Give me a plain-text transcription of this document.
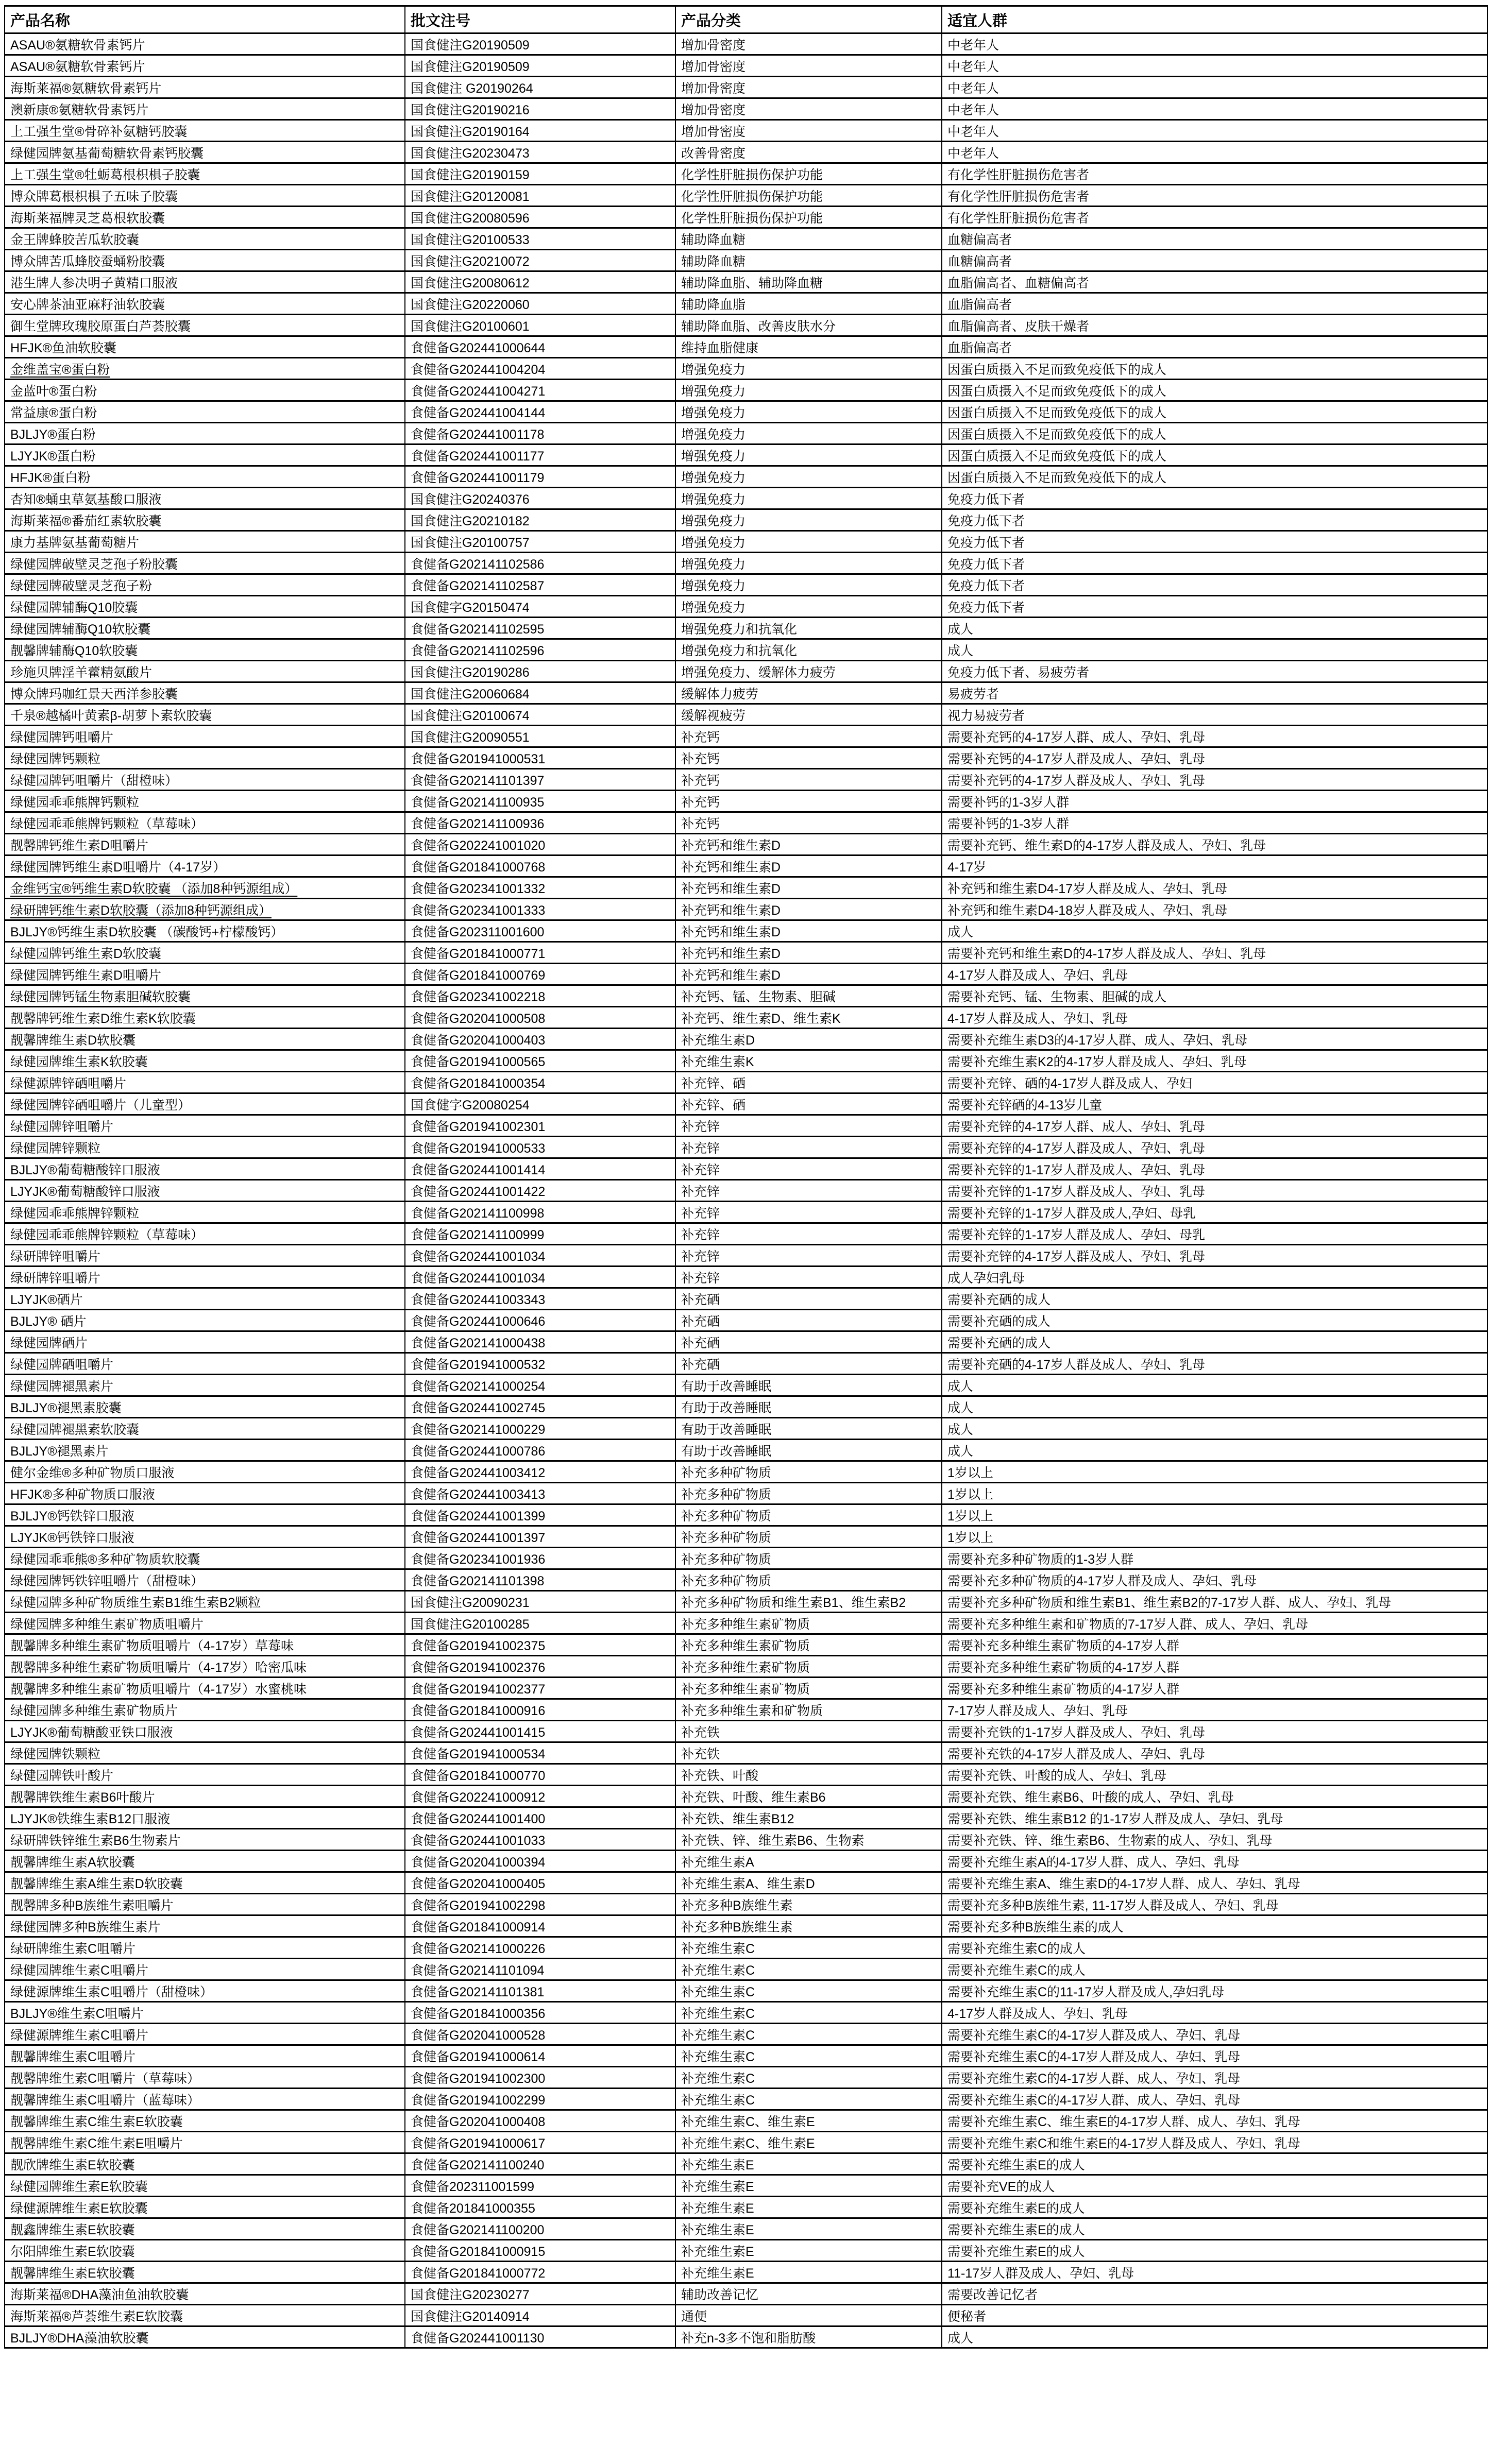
产品名称	批文注号	产品分类	适宜人群
ASAU®氨糖软骨素钙片	国食健注G20190509	增加骨密度	中老年人
ASAU®氨糖软骨素钙片	国食健注G20190509	增加骨密度	中老年人
海斯莱福®氨糖软骨素钙片	国食健注 G20190264	增加骨密度	中老年人
澳新康®氨糖软骨素钙片	国食健注G20190216	增加骨密度	中老年人
上工强生堂®骨碎补氨糖钙胶囊	国食健注G20190164	增加骨密度	中老年人
绿健园牌氨基葡萄糖软骨素钙胶囊	国食健注G20230473	改善骨密度	中老年人
上工强生堂®牡蛎葛根枳椇子胶囊	国食健注G20190159	化学性肝脏损伤保护功能	有化学性肝脏损伤危害者
博众牌葛根枳椇子五味子胶囊	国食健注G20120081	化学性肝脏损伤保护功能	有化学性肝脏损伤危害者
海斯莱福牌灵芝葛根软胶囊	国食健注G20080596	化学性肝脏损伤保护功能	有化学性肝脏损伤危害者
金王牌蜂胶苦瓜软胶囊	国食健注G20100533	辅助降血糖	血糖偏高者
博众牌苦瓜蜂胶蚕蛹粉胶囊	国食健注G20210072	辅助降血糖	血糖偏高者
港生牌人参决明子黄精口服液	国食健注G20080612	辅助降血脂、辅助降血糖	血脂偏高者、血糖偏高者
安心牌茶油亚麻籽油软胶囊	国食健注G20220060	辅助降血脂	血脂偏高者
御生堂牌玫瑰胶原蛋白芦荟胶囊	国食健注G20100601	辅助降血脂、改善皮肤水分	血脂偏高者、皮肤干燥者
HFJK®鱼油软胶囊	食健备G202441000644	维持血脂健康	血脂偏高者
金维盖宝®蛋白粉	食健备G202441004204	增强免疫力	因蛋白质摄入不足而致免疫低下的成人
金蓝叶®蛋白粉	食健备G202441004271	增强免疫力	因蛋白质摄入不足而致免疫低下的成人
常益康®蛋白粉	食健备G202441004144	增强免疫力	因蛋白质摄入不足而致免疫低下的成人
BJLJY®蛋白粉	食健备G202441001178	增强免疫力	因蛋白质摄入不足而致免疫低下的成人
LJYJK®蛋白粉	食健备G202441001177	增强免疫力	因蛋白质摄入不足而致免疫低下的成人
HFJK®蛋白粉	食健备G202441001179	增强免疫力	因蛋白质摄入不足而致免疫低下的成人
杏知®蛹虫草氨基酸口服液	国食健注G20240376	增强免疫力	免疫力低下者
海斯莱福®番茄红素软胶囊	国食健注G20210182	增强免疫力	免疫力低下者
康力基牌氨基葡萄糖片	国食健注G20100757	增强免疫力	免疫力低下者
绿健园牌破壁灵芝孢子粉胶囊	食健备G202141102586	增强免疫力	免疫力低下者
绿健园牌破壁灵芝孢子粉	食健备G202141102587	增强免疫力	免疫力低下者
绿健园牌辅酶Q10胶囊	国食健字G20150474	增强免疫力	免疫力低下者
绿健园牌辅酶Q10软胶囊	食健备G202141102595	增强免疫力和抗氧化	成人
靓馨牌辅酶Q10软胶囊	食健备G202141102596	增强免疫力和抗氧化	成人
珍施贝牌淫羊藿精氨酸片	国食健注G20190286	增强免疫力、缓解体力疲劳	免疫力低下者、易疲劳者
博众牌玛咖红景天西洋参胶囊	国食健注G20060684	缓解体力疲劳	易疲劳者
千泉®越橘叶黄素β-胡萝卜素软胶囊	国食健注G20100674	缓解视疲劳	视力易疲劳者
绿健园牌钙咀嚼片	国食健注G20090551	补充钙	需要补充钙的4-17岁人群、成人、孕妇、乳母
绿健园牌钙颗粒	食健备G201941000531	补充钙	需要补充钙的4-17岁人群及成人、孕妇、乳母
绿健园牌钙咀嚼片（甜橙味）	食健备G202141101397	补充钙	需要补充钙的4-17岁人群及成人、孕妇、乳母
绿健园乖乖熊牌钙颗粒	食健备G202141100935	补充钙	需要补钙的1-3岁人群
绿健园乖乖熊牌钙颗粒（草莓味）	食健备G202141100936	补充钙	需要补钙的1-3岁人群
靓馨牌钙维生素D咀嚼片	食健备G202241001020	补充钙和维生素D	需要补充钙、维生素D的4-17岁人群及成人、孕妇、乳母
绿健园牌钙维生素D咀嚼片（4-17岁）	食健备G201841000768	补充钙和维生素D	4-17岁
金维钙宝®钙维生素D软胶囊 （添加8种钙源组成）	食健备G202341001332	补充钙和维生素D	补充钙和维生素D4-17岁人群及成人、孕妇、乳母
绿研牌钙维生素D软胶囊（添加8种钙源组成）	食健备G202341001333	补充钙和维生素D	补充钙和维生素D4-18岁人群及成人、孕妇、乳母
BJLJY®钙维生素D软胶囊 （碳酸钙+柠檬酸钙）	食健备G202311001600	补充钙和维生素D	成人
绿健园牌钙维生素D软胶囊	食健备G201841000771	补充钙和维生素D	需要补充钙和维生素D的4-17岁人群及成人、孕妇、乳母
绿健园牌钙维生素D咀嚼片	食健备G201841000769	补充钙和维生素D	4-17岁人群及成人、孕妇、乳母
绿健园牌钙锰生物素胆碱软胶囊	食健备G202341002218	补充钙、锰、生物素、胆碱	需要补充钙、锰、生物素、胆碱的成人
靓馨牌钙维生素D维生素K软胶囊	食健备G202041000508	补充钙、维生素D、维生素K	4-17岁人群及成人、孕妇、乳母
靓馨牌维生素D软胶囊	食健备G202041000403	补充维生素D	需要补充维生素D3的4-17岁人群、成人、孕妇、乳母
绿健园牌维生素K软胶囊	食健备G201941000565	补充维生素K	需要补充维生素K2的4-17岁人群及成人、孕妇、乳母
绿健源牌锌硒咀嚼片	食健备G201841000354	补充锌、硒	需要补充锌、硒的4-17岁人群及成人、孕妇
绿健园牌锌硒咀嚼片（儿童型）	国食健字G20080254	补充锌、硒	需要补充锌硒的4-13岁儿童
绿健园牌锌咀嚼片	食健备G201941002301	补充锌	需要补充锌的4-17岁人群、成人、孕妇、乳母
绿健园牌锌颗粒	食健备G201941000533	补充锌	需要补充锌的4-17岁人群及成人、孕妇、乳母
BJLJY®葡萄糖酸锌口服液	食健备G202441001414	补充锌	需要补充锌的1-17岁人群及成人、孕妇、乳母
LJYJK®葡萄糖酸锌口服液	食健备G202441001422	补充锌	需要补充锌的1-17岁人群及成人、孕妇、乳母
绿健园乖乖熊牌锌颗粒	食健备G202141100998	补充锌	需要补充锌的1-17岁人群及成人,孕妇、母乳
绿健园乖乖熊牌锌颗粒（草莓味）	食健备G202141100999	补充锌	需要补充锌的1-17岁人群及成人、孕妇、母乳
绿研牌锌咀嚼片	食健备G202441001034	补充锌	需要补充锌的4-17岁人群及成人、孕妇、乳母
绿研牌锌咀嚼片	食健备G202441001034	补充锌	成人孕妇乳母
LJYJK®硒片	食健备G202441003343	补充硒	需要补充硒的成人
BJLJY® 硒片	食健备G202441000646	补充硒	需要补充硒的成人
绿健园牌硒片	食健备G202141000438	补充硒	需要补充硒的成人
绿健园牌硒咀嚼片	食健备G201941000532	补充硒	需要补充硒的4-17岁人群及成人、孕妇、乳母
绿健园牌褪黑素片	食健备G202141000254	有助于改善睡眠	成人
BJLJY®褪黑素胶囊	食健备G202441002745	有助于改善睡眠	成人
绿健园牌褪黑素软胶囊	食健备G202141000229	有助于改善睡眠	成人
BJLJY®褪黑素片	食健备G202441000786	有助于改善睡眠	成人
健尔金维®多种矿物质口服液	食健备G202441003412	补充多种矿物质	1岁以上
HFJK®多种矿物质口服液	食健备G202441003413	补充多种矿物质	1岁以上
BJLJY®钙铁锌口服液	食健备G202441001399	补充多种矿物质	1岁以上
LJYJK®钙铁锌口服液	食健备G202441001397	补充多种矿物质	1岁以上
绿健园乖乖熊®多种矿物质软胶囊	食健备G202341001936	补充多种矿物质	需要补充多种矿物质的1-3岁人群
绿健园牌钙铁锌咀嚼片（甜橙味）	食健备G202141101398	补充多种矿物质	需要补充多种矿物质的4-17岁人群及成人、孕妇、乳母
绿健园牌多种矿物质维生素B1维生素B2颗粒	国食健注G20090231	补充多种矿物质和维生素B1、维生素B2	需要补充多种矿物质和维生素B1、维生素B2的7-17岁人群、成人、孕妇、乳母
绿健园牌多种维生素矿物质咀嚼片	国食健注G20100285	补充多种维生素矿物质	需要补充多种维生素和矿物质的7-17岁人群、成人、孕妇、乳母
靓馨牌多种维生素矿物质咀嚼片（4-17岁）草莓味	食健备G201941002375	补充多种维生素矿物质	需要补充多种维生素矿物质的4-17岁人群
靓馨牌多种维生素矿物质咀嚼片（4-17岁）哈密瓜味	食健备G201941002376	补充多种维生素矿物质	需要补充多种维生素矿物质的4-17岁人群
靓馨牌多种维生素矿物质咀嚼片（4-17岁）水蜜桃味	食健备G201941002377	补充多种维生素矿物质	需要补充多种维生素矿物质的4-17岁人群
绿健园牌多种维生素矿物质片	食健备G201841000916	补充多种维生素和矿物质	7-17岁人群及成人、孕妇、乳母
LJYJK®葡萄糖酸亚铁口服液	食健备G202441001415	补充铁	需要补充铁的1-17岁人群及成人、孕妇、乳母
绿健园牌铁颗粒	食健备G201941000534	补充铁	需要补充铁的4-17岁人群及成人、孕妇、乳母
绿健园牌铁叶酸片	食健备G201841000770	补充铁、叶酸	需要补充铁、叶酸的成人、孕妇、乳母
靓馨牌铁维生素B6叶酸片	食健备G202241000912	补充铁、叶酸、维生素B6	需要补充铁、维生素B6、叶酸的成人、孕妇、乳母
LJYJK®铁维生素B12口服液	食健备G202441001400	补充铁、维生素B12	需要补充铁、维生素B12 的1-17岁人群及成人、孕妇、乳母
绿研牌铁锌维生素B6生物素片	食健备G202441001033	补充铁、锌、维生素B6、生物素	需要补充铁、锌、维生素B6、生物素的成人、孕妇、乳母
靓馨牌维生素A软胶囊	食健备G202041000394	补充维生素A	需要补充维生素A的4-17岁人群、成人、孕妇、乳母
靓馨牌维生素A维生素D软胶囊	食健备G202041000405	补充维生素A、维生素D	需要补充维生素A、维生素D的4-17岁人群、成人、孕妇、乳母
靓馨牌多种B族维生素咀嚼片	食健备G201941002298	补充多种B族维生素	需要补充多种B族维生素, 11-17岁人群及成人、孕妇、乳母
绿健园牌多种B族维生素片	食健备G201841000914	补充多种B族维生素	需要补充多种B族维生素的成人
绿研牌维生素C咀嚼片	食健备G202141000226	补充维生素C	需要补充维生素C的成人
绿健园牌维生素C咀嚼片	食健备G202141101094	补充维生素C	需要补充维生素C的成人
绿健源牌维生素C咀嚼片（甜橙味）	食健备G202141101381	补充维生素C	需要补充维生素C的11-17岁人群及成人,孕妇乳母
BJLJY®维生素C咀嚼片	食健备G201841000356	补充维生素C	4-17岁人群及成人、孕妇、乳母
绿健源牌维生素C咀嚼片	食健备G202041000528	补充维生素C	需要补充维生素C的4-17岁人群及成人、孕妇、乳母
靓馨牌维生素C咀嚼片	食健备G201941000614	补充维生素C	需要补充维生素C的4-17岁人群及成人、孕妇、乳母
靓馨牌维生素C咀嚼片（草莓味）	食健备G201941002300	补充维生素C	需要补充维生素C的4-17岁人群、成人、孕妇、乳母
靓馨牌维生素C咀嚼片（蓝莓味）	食健备G201941002299	补充维生素C	需要补充维生素C的4-17岁人群、成人、孕妇、乳母
靓馨牌维生素C维生素E软胶囊	食健备G202041000408	补充维生素C、维生素E	需要补充维生素C、维生素E的4-17岁人群、成人、孕妇、乳母
靓馨牌维生素C维生素E咀嚼片	食健备G201941000617	补充维生素C、维生素E	需要补充维生素C和维生素E的4-17岁人群及成人、孕妇、乳母
靓欣牌维生素E软胶囊	食健备G202141100240	补充维生素E	需要补充维生素E的成人
绿健园牌维生素E软胶囊	食健备202311001599	补充维生素E	需要补充VE的成人
绿健源牌维生素E软胶囊	食健备201841000355	补充维生素E	需要补充维生素E的成人
靓鑫牌维生素E软胶囊	食健备G202141100200	补充维生素E	需要补充维生素E的成人
尔阳牌维生素E软胶囊	食健备G201841000915	补充维生素E	需要补充维生素E的成人
靓馨牌维生素E软胶囊	食健备G201841000772	补充维生素E	11-17岁人群及成人、孕妇、乳母
海斯莱福®DHA藻油鱼油软胶囊	国食健注G20230277	辅助改善记忆	需要改善记忆者
海斯莱福®芦荟维生素E软胶囊	国食健注G20140914	通便	便秘者
BJLJY®DHA藻油软胶囊	食健备G202441001130	补充n-3多不饱和脂肪酸	成人
